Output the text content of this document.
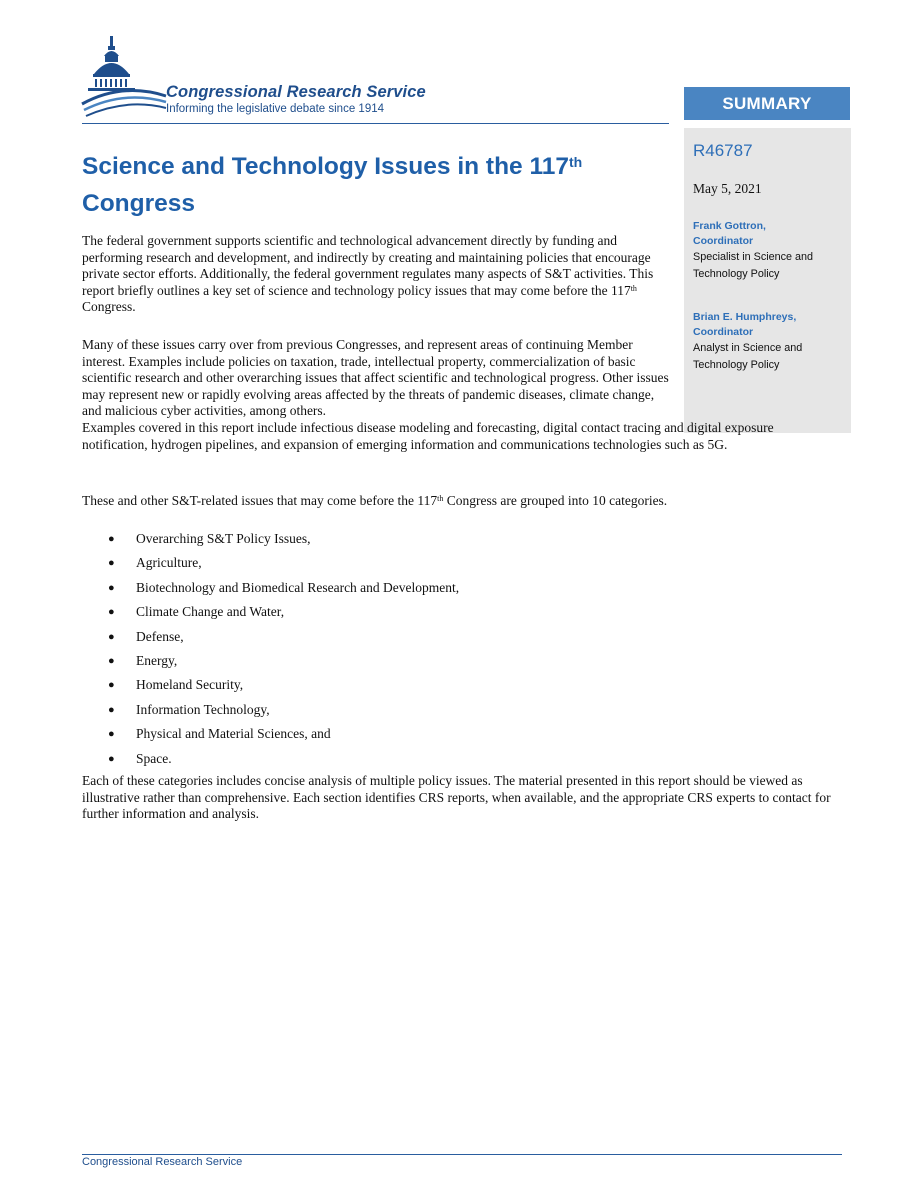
Congressional Research Service
Informing the legislative debate since 1914	SUMMARY
R46787
May 5, 2021
Frank Gottron,
Coordinator
Specialist in Science and
Technology Policy
Brian E. Humphreys,
Coordinator
Analyst in Science and
Technology Policy
Science and Technology Issues in the 117th
Congress
The federal government supports scientific and technological advancement directly by funding and performing research and development, and indirectly by creating and maintaining policies that encourage private sector efforts. Additionally, the federal government regulates many aspects of S&T activities. This report briefly outlines a key set of science and technology policy issues that may come before the 117th Congress.
Many of these issues carry over from previous Congresses, and represent areas of continuing Member interest. Examples include policies on taxation, trade, intellectual property, commercialization of basic scientific research and other overarching issues that affect scientific and technological progress. Other issues may represent new or rapidly evolving areas affected by the threats of pandemic diseases, climate change, and malicious cyber activities, among others.
Examples covered in this report include infectious disease modeling and forecasting, digital contact tracing and digital exposure notification, hydrogen pipelines, and expansion of emerging information and communications technologies such as 5G.
These and other S&T-related issues that may come before the 117th Congress are grouped into 10 categories.
●	Overarching S&T Policy Issues,
●	Agriculture,
●	Biotechnology and Biomedical Research and Development,
●	Climate Change and Water,
●	Defense,
●	Energy,
●	Homeland Security,
●	Information Technology,
●	Physical and Material Sciences, and
●	Space.
Each of these categories includes concise analysis of multiple policy issues. The material presented in this report should be viewed as illustrative rather than comprehensive. Each section identifies CRS reports, when available, and the appropriate CRS experts to contact for further information and analysis.
Congressional Research Service
